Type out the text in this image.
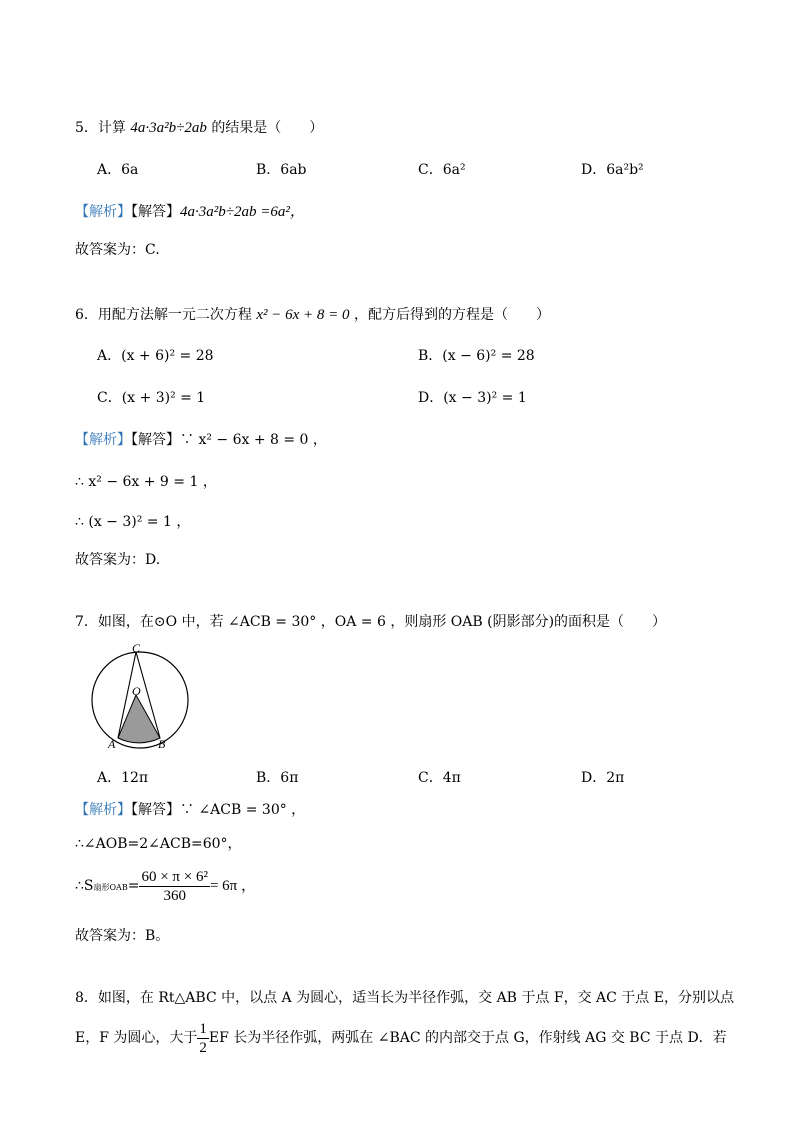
5．计算 4a·3a²b÷2ab 的结果是（　　）
A．6a	B．6ab	C．6a²	D．6a²b²
【解析】【解答】4a·3a²b÷2ab =6a²，
故答案为：C.
6．用配方法解一元二次方程 x² − 6x + 8 = 0 ，配方后得到的方程是（　　）
A．(x + 6)² = 28	B．(x − 6)² = 28
C．(x + 3)² = 1	D．(x − 3)² = 1
【解析】【解答】∵ x² − 6x + 8 = 0 ，
∴ x² − 6x + 9 = 1 ，
∴ (x − 3)² = 1 ，
故答案为：D.
7．如图，在⊙O 中，若 ∠ACB = 30° ，OA = 6 ，则扇形 OAB (阴影部分)的面积是（　　）
C
O
A	B
A．12π	B．6π	C．4π	D．2π
【解析】【解答】∵ ∠ACB = 30° ，
∴∠AOB=2∠ACB=60°，
∴S扇形$OAB= \frac{\text{60 × π × 6²}}{360} = 6\pi$ ，
故答案为：B。
8．如图，在 Rt△ABC 中，以点 A 为圆心，适当长为半径作弧，交 AB 于点 F，交 AC 于点 E，分别以点
E，F 为圆心，大于 $\frac{1}{2}$ EF 长为半径作弧，两弧在 ∠BAC 的内部交于点 G，作射线 AG 交 BC 于点 D．若
